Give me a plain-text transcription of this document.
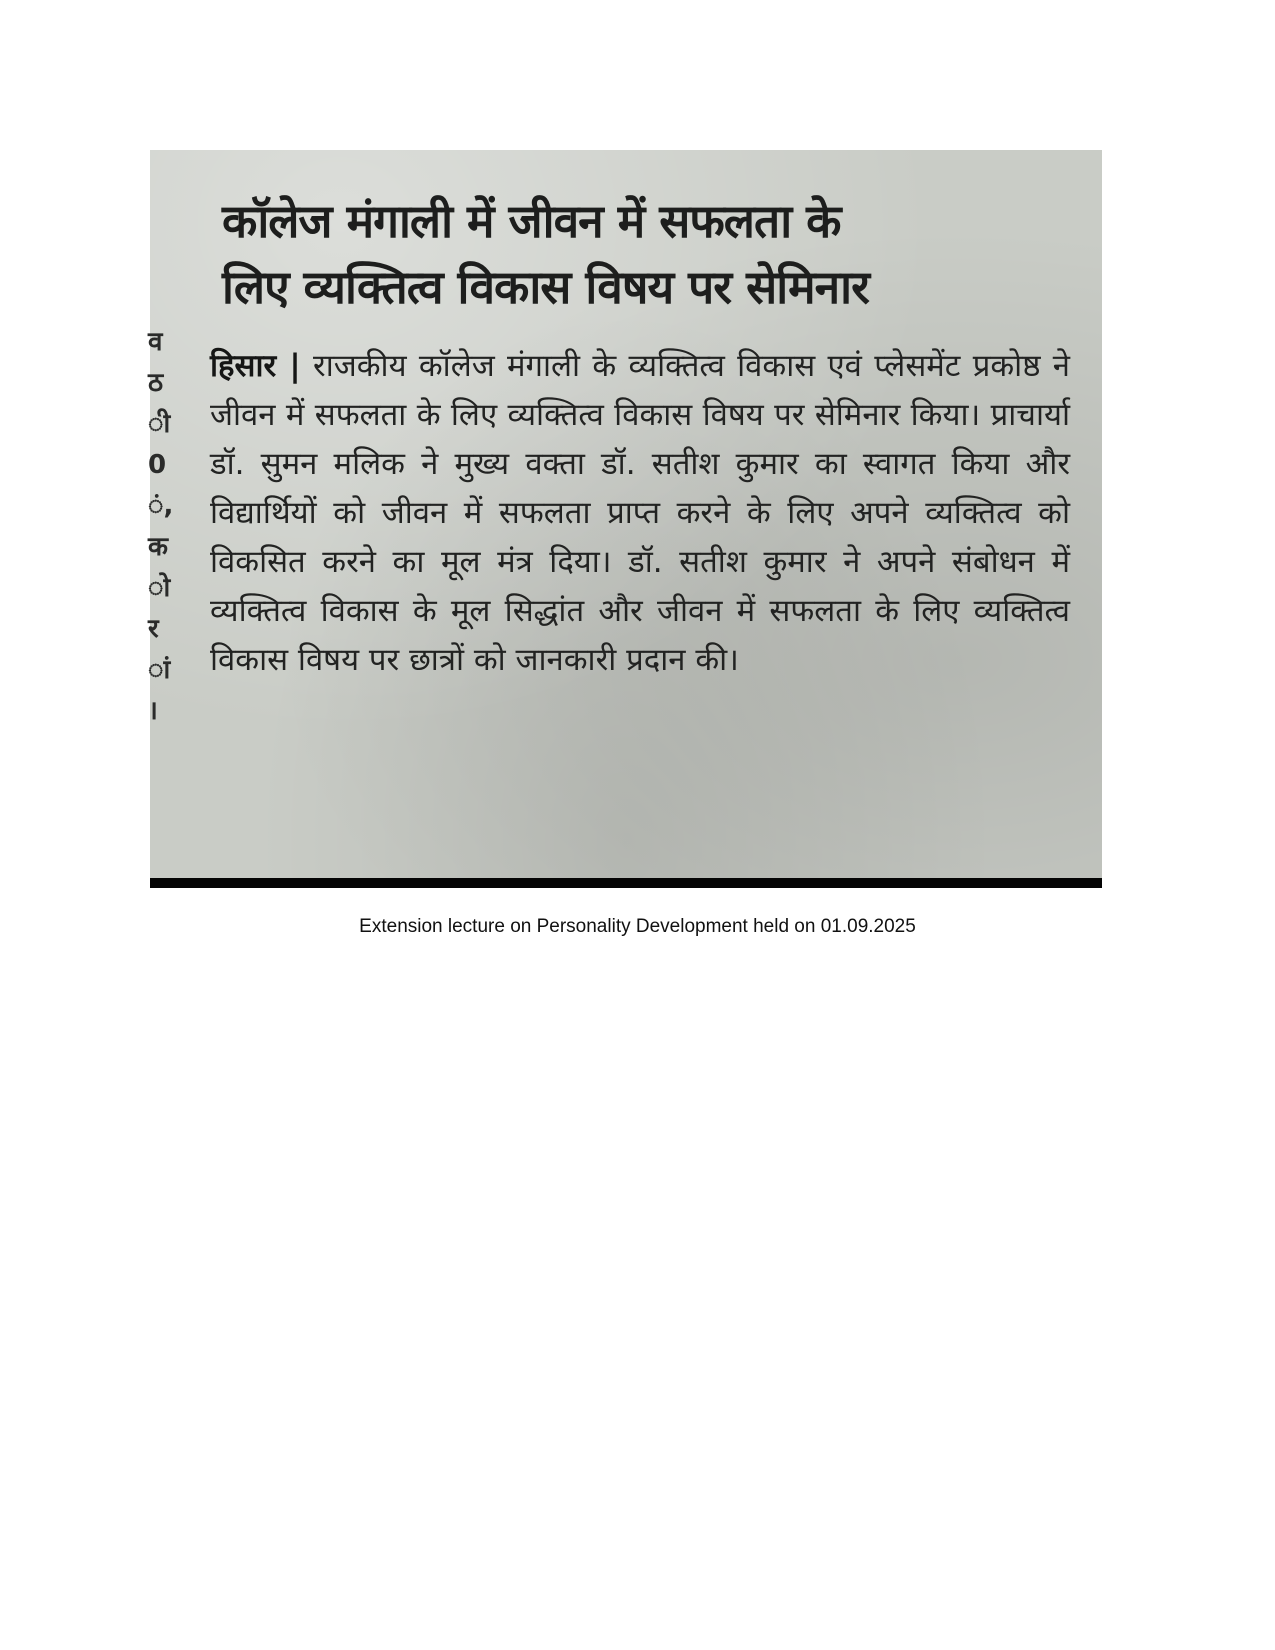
व
ठ
ी
0
ं,
क
ो
र
ां
।
कॉलेज मंगाली में जीवन में सफलता के
लिए व्यक्तित्व विकास विषय पर सेमिनार

हिसार | राजकीय कॉलेज मंगाली के व्यक्तित्व विकास एवं प्लेसमेंट प्रकोष्ठ ने जीवन में सफलता के लिए व्यक्तित्व विकास विषय पर सेमिनार किया। प्राचार्या डॉ. सुमन मलिक ने मुख्य वक्ता डॉ. सतीश कुमार का स्वागत किया और विद्यार्थियों को जीवन में सफलता प्राप्त करने के लिए अपने व्यक्तित्व को विकसित करने का मूल मंत्र दिया। डॉ. सतीश कुमार ने अपने संबोधन में व्यक्तित्व विकास के मूल सिद्धांत और जीवन में सफलता के लिए व्यक्तित्व विकास विषय पर छात्रों को जानकारी प्रदान की।

Extension lecture on Personality Development held on 01.09.2025
